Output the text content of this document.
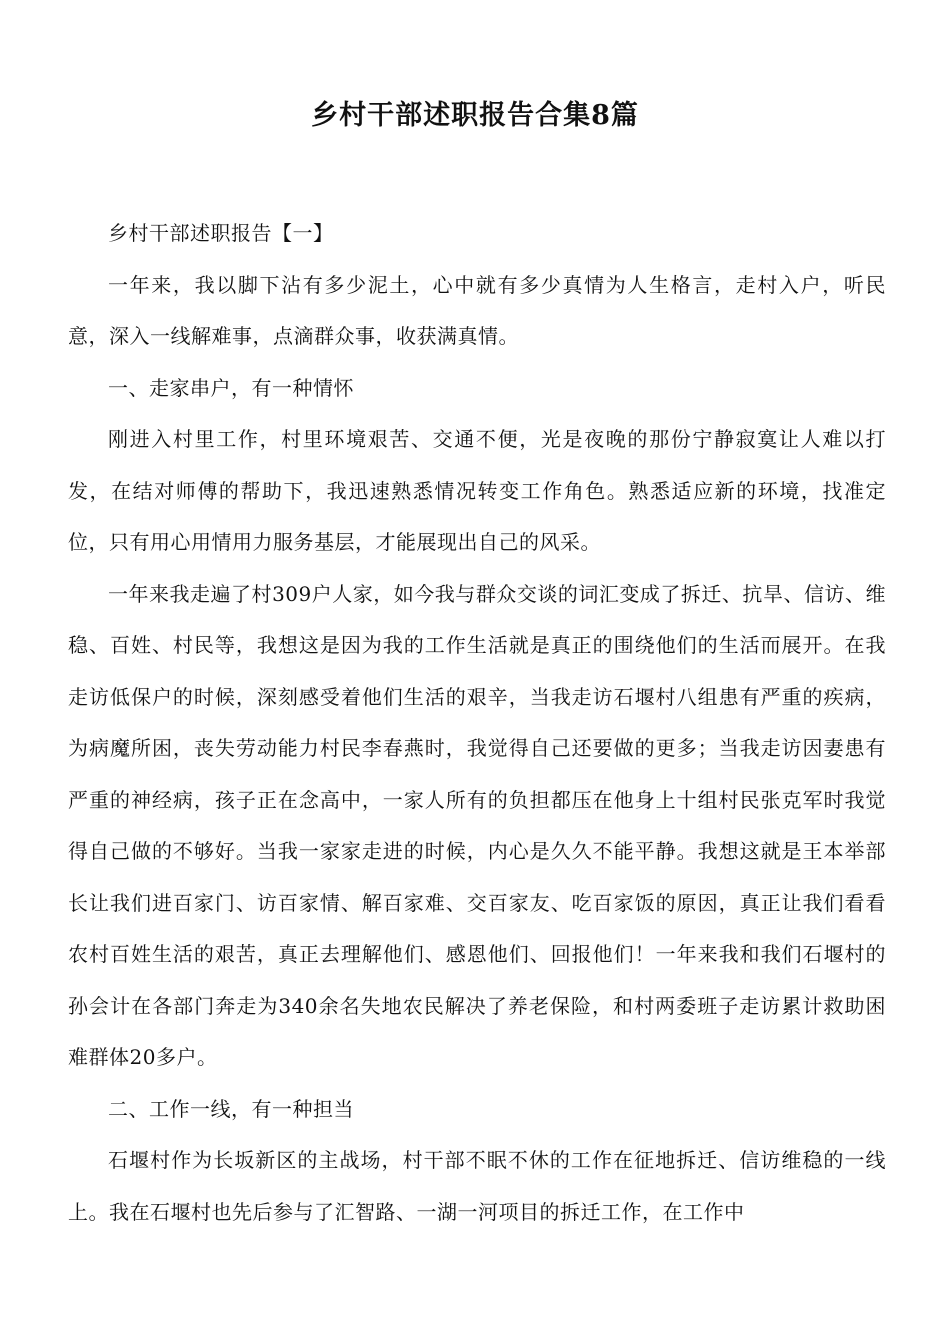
乡村干部述职报告合集8篇

乡村干部述职报告【一】

一年来，我以脚下沾有多少泥土，心中就有多少真情为人生格言，走村入户，听民意，深入一线解难事，点滴群众事，收获满真情。

一、走家串户，有一种情怀

刚进入村里工作，村里环境艰苦、交通不便，光是夜晚的那份宁静寂寞让人难以打发，在结对师傅的帮助下，我迅速熟悉情况转变工作角色。熟悉适应新的环境，找准定位，只有用心用情用力服务基层，才能展现出自己的风采。

一年来我走遍了村309户人家，如今我与群众交谈的词汇变成了拆迁、抗旱、信访、维稳、百姓、村民等，我想这是因为我的工作生活就是真正的围绕他们的生活而展开。在我走访低保户的时候，深刻感受着他们生活的艰辛，当我走访石堰村八组患有严重的疾病，为病魔所困，丧失劳动能力村民李春燕时，我觉得自己还要做的更多；当我走访因妻患有严重的神经病，孩子正在念高中，一家人所有的负担都压在他身上十组村民张克军时我觉得自己做的不够好。当我一家家走进的时候，内心是久久不能平静。我想这就是王本举部长让我们进百家门、访百家情、解百家难、交百家友、吃百家饭的原因，真正让我们看看农村百姓生活的艰苦，真正去理解他们、感恩他们、回报他们！一年来我和我们石堰村的孙会计在各部门奔走为340余名失地农民解决了养老保险，和村两委班子走访累计救助困难群体20多户。

二、工作一线，有一种担当

石堰村作为长坂新区的主战场，村干部不眠不休的工作在征地拆迁、信访维稳的一线上。我在石堰村也先后参与了汇智路、一湖一河项目的拆迁工作，在工作中
